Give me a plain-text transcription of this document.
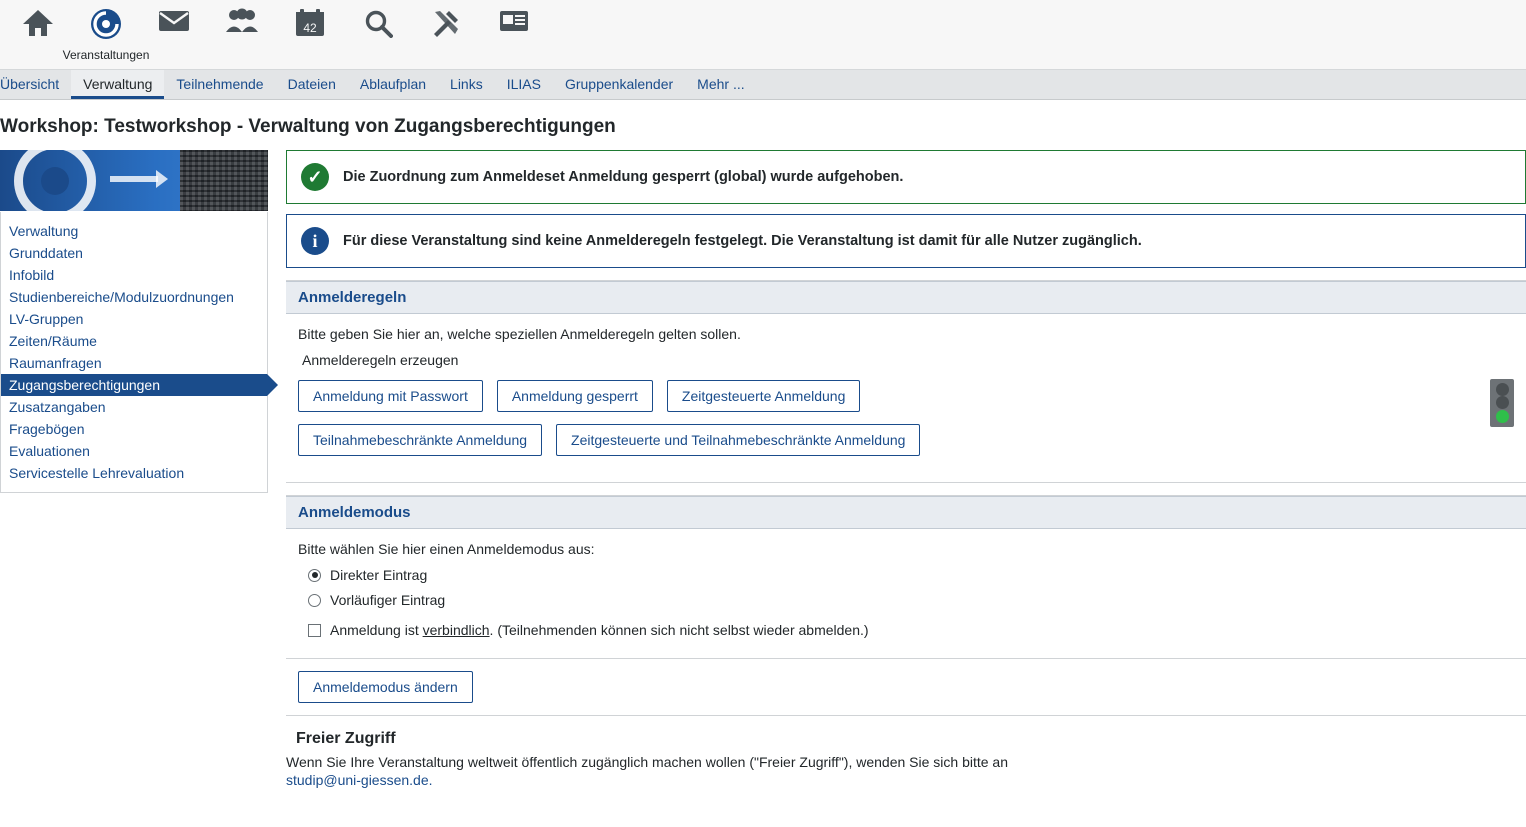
Veranstaltungen
42
Übersicht	Verwaltung	Teilnehmende	Dateien	Ablaufplan	Links	ILIAS	Gruppenkalender	Mehr ...
Workshop: Testworkshop - Verwaltung von Zugangsberechtigungen
Verwaltung
Grunddaten
Infobild
Studienbereiche/Modulzuordnungen
LV-Gruppen
Zeiten/Räume
Raumanfragen
Zugangsberechtigungen
Zusatzangaben
Fragebögen
Evaluationen
Servicestelle Lehrevaluation
✓	Die Zuordnung zum Anmeldeset Anmeldung gesperrt (global) wurde aufgehoben.
i	Für diese Veranstaltung sind keine Anmelderegeln festgelegt. Die Veranstaltung ist damit für alle Nutzer zugänglich.
Anmelderegeln

Bitte geben Sie hier an, welche speziellen Anmelderegeln gelten sollen.

Anmelderegeln erzeugen
Anmeldung mit Passwort	Anmeldung gesperrt	Zeitgesteuerte Anmeldung
Teilnahmebeschränkte Anmeldung	Zeitgesteuerte und Teilnahmebeschränkte Anmeldung
Anmeldemodus

Bitte wählen Sie hier einen Anmeldemodus aus:

Direkter Eintrag
Vorläufiger Eintrag
Anmeldung ist verbindlich. (Teilnehmenden können sich nicht selbst wieder abmelden.)
Anmeldemodus ändern
Freier Zugriff

Wenn Sie Ihre Veranstaltung weltweit öffentlich zugänglich machen wollen ("Freier Zugriff"), wenden Sie sich bitte an

studip@uni-giessen.de.
